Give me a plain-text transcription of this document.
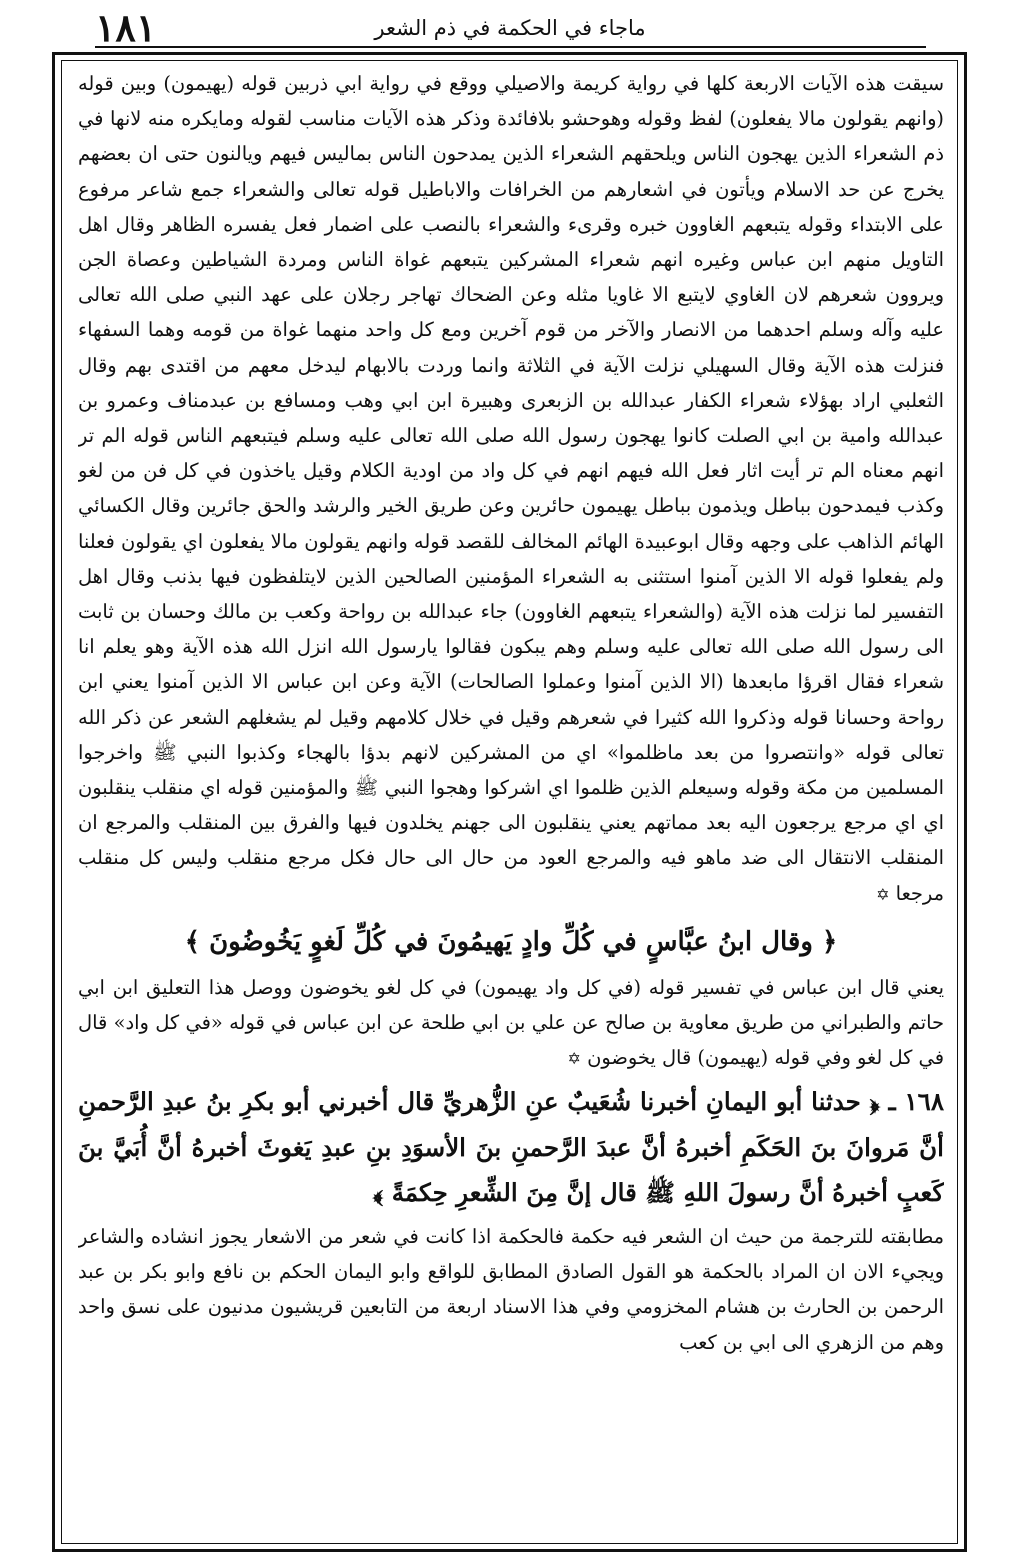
١٨١	ماجاء في الحكمة في ذم الشعر

سيقت هذه الآيات الاربعة كلها في رواية كريمة والاصيلي ووقع في رواية ابي ذربين قوله (يهيمون) وبين قوله (وانهم يقولون مالا يفعلون) لفظ وقوله وهوحشو بلافائدة وذكر هذه الآيات مناسب لقوله ومايكره منه لانها في ذم الشعراء الذين يهجون الناس ويلحقهم الشعراء الذين يمدحون الناس بماليس فيهم ويالنون حتى ان بعضهم يخرج عن حد الاسلام ويأتون في اشعارهم من الخرافات والاباطيل قوله تعالى والشعراء جمع شاعر مرفوع على الابتداء وقوله يتبعهم الغاوون خبره وقرىء والشعراء بالنصب على اضمار فعل يفسره الظاهر وقال اهل التاويل منهم ابن عباس وغيره انهم شعراء المشركين يتبعهم غواة الناس ومردة الشياطين وعصاة الجن ويروون شعرهم لان الغاوي لايتبع الا غاويا مثله وعن الضحاك تهاجر رجلان على عهد النبي صلى الله تعالى عليه وآله وسلم احدهما من الانصار والآخر من قوم آخرين ومع كل واحد منهما غواة من قومه وهما السفهاء فنزلت هذه الآية وقال السهيلي نزلت الآية في الثلاثة وانما وردت بالابهام ليدخل معهم من اقتدى بهم وقال الثعلبي اراد بهؤلاء شعراء الكفار عبدالله بن الزبعرى وهبيرة ابن ابي وهب ومسافع بن عبدمناف وعمرو بن عبدالله وامية بن ابي الصلت كانوا يهجون رسول الله صلى الله تعالى عليه وسلم فيتبعهم الناس قوله الم تر انهم معناه الم تر أيت اثار فعل الله فيهم انهم في كل واد من اودية الكلام وقيل ياخذون في كل فن من لغو وكذب فيمدحون بباطل ويذمون بباطل يهيمون حائرين وعن طريق الخير والرشد والحق جائرين وقال الكسائي الهائم الذاهب على وجهه وقال ابوعبيدة الهائم المخالف للقصد قوله وانهم يقولون مالا يفعلون اي يقولون فعلنا ولم يفعلوا قوله الا الذين آمنوا استثنى به الشعراء المؤمنين الصالحين الذين لايتلفظون فيها بذنب وقال اهل التفسير لما نزلت هذه الآية (والشعراء يتبعهم الغاوون) جاء عبدالله بن رواحة وكعب بن مالك وحسان بن ثابت الى رسول الله صلى الله تعالى عليه وسلم وهم يبكون فقالوا يارسول الله انزل الله هذه الآية وهو يعلم انا شعراء فقال اقرؤا مابعدها (الا الذين آمنوا وعملوا الصالحات) الآية وعن ابن عباس الا الذين آمنوا يعني ابن رواحة وحسانا قوله وذكروا الله كثيرا في شعرهم وقيل في خلال كلامهم وقيل لم يشغلهم الشعر عن ذكر الله تعالى قوله «وانتصروا من بعد ماظلموا» اي من المشركين لانهم بدؤا بالهجاء وكذبوا النبي ﷺ واخرجوا المسلمين من مكة وقوله وسيعلم الذين ظلموا اي اشركوا وهجوا النبي ﷺ والمؤمنين قوله اي منقلب ينقلبون اي اي مرجع يرجعون اليه بعد مماتهم يعني ينقلبون الى جهنم يخلدون فيها والفرق بين المنقلب والمرجع ان المنقلب الانتقال الى ضد ماهو فيه والمرجع العود من حال الى حال فكل مرجع منقلب وليس كل منقلب مرجعا ✡

﴿ وقال ابنُ عبَّاسٍ في كُلِّ وادٍ يَهيمُونَ في كُلِّ لَغوٍ يَخُوضُونَ ﴾

يعني قال ابن عباس في تفسير قوله (في كل واد يهيمون) في كل لغو يخوضون ووصل هذا التعليق ابن ابي حاتم والطبراني من طريق معاوية بن صالح عن علي بن ابي طلحة عن ابن عباس في قوله «في كل واد» قال في كل لغو وفي قوله (يهيمون) قال يخوضون ✡

١٦٨ ـ ﴿ حدثنا أبو اليمانِ أخبرنا شُعَيبٌ عنِ الزُّهريِّ قال أخبرني أبو بكرِ بنُ عبدِ الرَّحمنِ أنَّ مَروانَ بنَ الحَكَمِ أخبرهُ أنَّ عبدَ الرَّحمنِ بنَ الأسوَدِ بنِ عبدِ يَغوثَ أخبرهُ أنَّ أُبَيَّ بنَ كَعبٍ أخبرهُ أنَّ رسولَ اللهِ ﷺ قال إنَّ مِنَ الشِّعرِ حِكمَةً ﴾

مطابقته للترجمة من حيث ان الشعر فيه حكمة فالحكمة اذا كانت في شعر من الاشعار يجوز انشاده والشاعر ويجيء الان ان المراد بالحكمة هو القول الصادق المطابق للواقع وابو اليمان الحكم بن نافع وابو بكر بن عبد الرحمن بن الحارث بن هشام المخزومي وفي هذا الاسناد اربعة من التابعين قريشيون مدنيون على نسق واحد وهم من الزهري الى ابي بن كعب
